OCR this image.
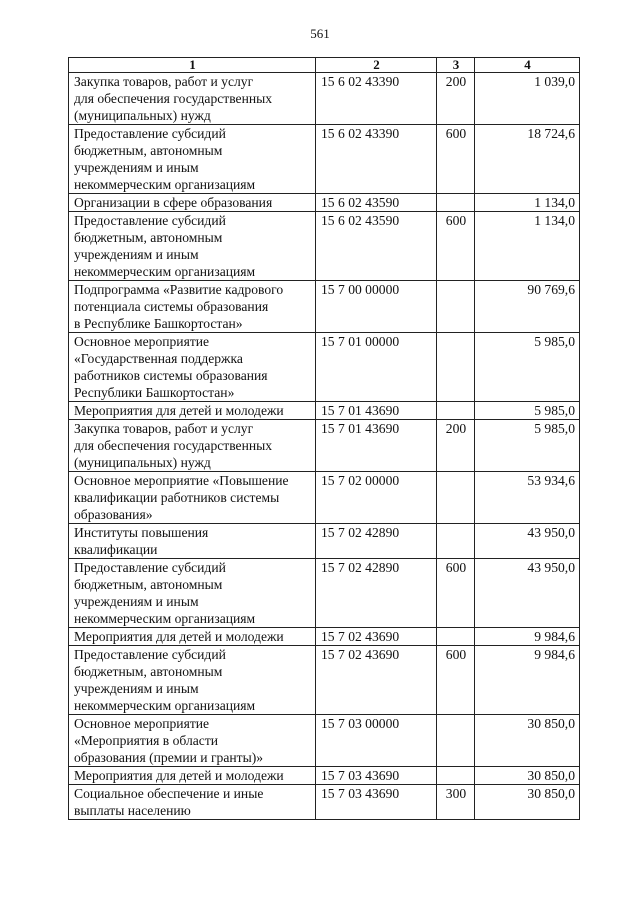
561
1	2	3	4
Закупка товаров, работ и услуг
для обеспечения государственных
(муниципальных) нужд	15 6 02 43390	200	1 039,0
Предоставление субсидий
бюджетным, автономным
учреждениям и иным
некоммерческим организациям	15 6 02 43390	600	18 724,6
Организации в сфере образования	15 6 02 43590		1 134,0
Предоставление субсидий
бюджетным, автономным
учреждениям и иным
некоммерческим организациям	15 6 02 43590	600	1 134,0
Подпрограмма «Развитие кадрового
потенциала системы образования
в Республике Башкортостан»	15 7 00 00000		90 769,6
Основное мероприятие
«Государственная поддержка
работников системы образования
Республики Башкортостан»	15 7 01 00000		5 985,0
Мероприятия для детей и молодежи	15 7 01 43690		5 985,0
Закупка товаров, работ и услуг
для обеспечения государственных
(муниципальных) нужд	15 7 01 43690	200	5 985,0
Основное мероприятие «Повышение
квалификации работников системы
образования»	15 7 02 00000		53 934,6
Институты повышения
квалификации	15 7 02 42890		43 950,0
Предоставление субсидий
бюджетным, автономным
учреждениям и иным
некоммерческим организациям	15 7 02 42890	600	43 950,0
Мероприятия для детей и молодежи	15 7 02 43690		9 984,6
Предоставление субсидий
бюджетным, автономным
учреждениям и иным
некоммерческим организациям	15 7 02 43690	600	9 984,6
Основное мероприятие
«Мероприятия в области
образования (премии и гранты)»	15 7 03 00000		30 850,0
Мероприятия для детей и молодежи	15 7 03 43690		30 850,0
Социальное обеспечение и иные
выплаты населению	15 7 03 43690	300	30 850,0
